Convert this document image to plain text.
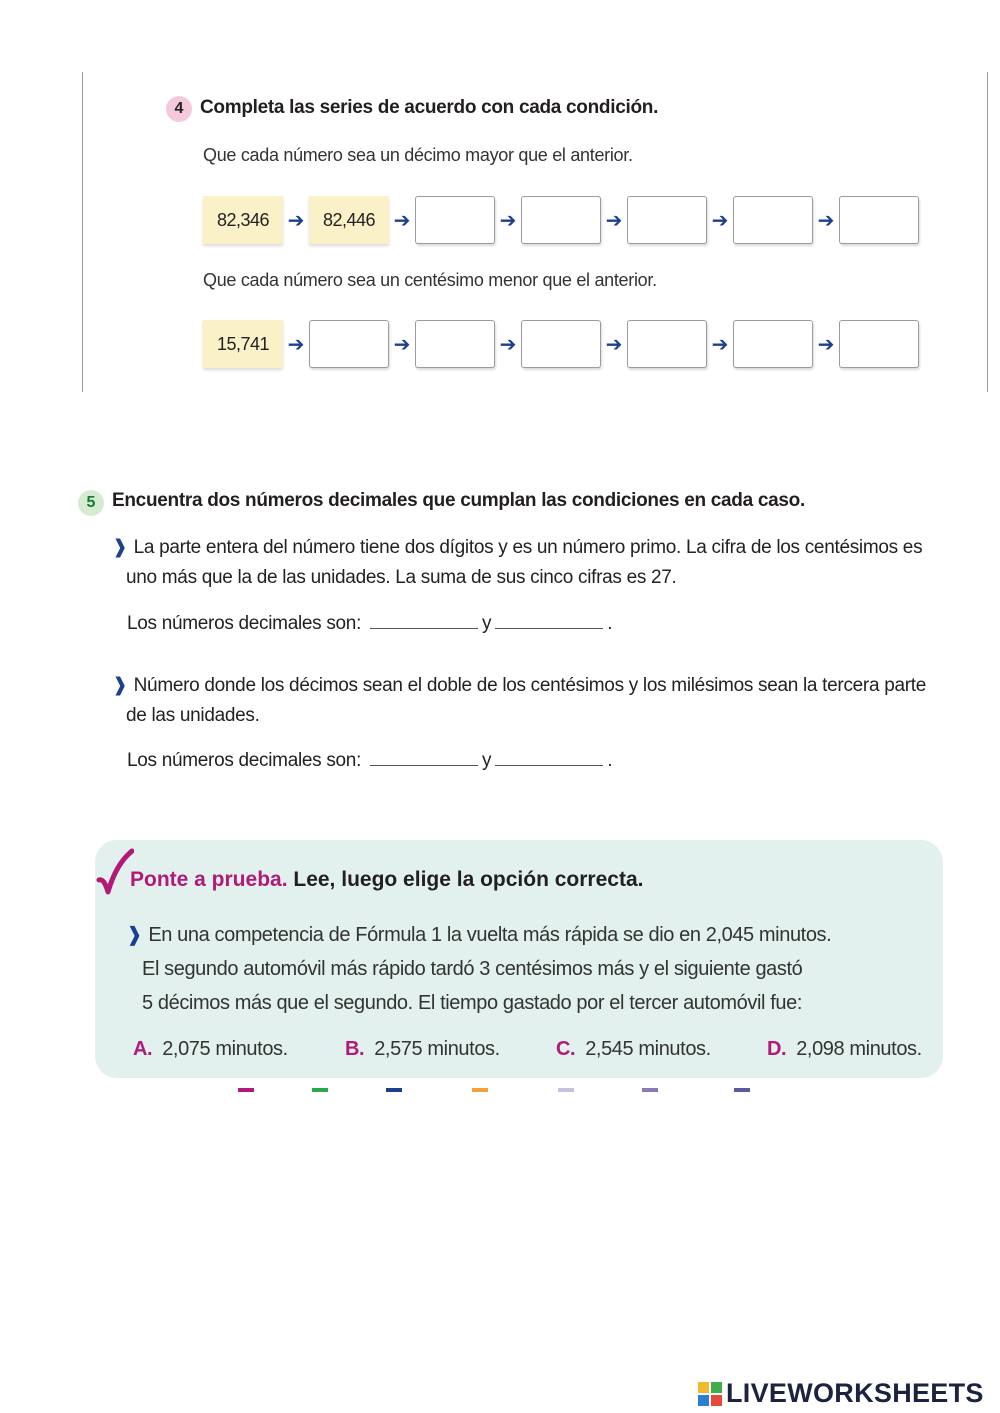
4 Completa las series de acuerdo con cada condición.
Que cada número sea un décimo mayor que el anterior.
82,346 ➔	82,446 ➔	➔	➔	➔	➔
Que cada número sea un centésimo menor que el anterior.
15,741 ➔	➔	➔	➔	➔	➔
5 Encuentra dos números decimales que cumplan las condiciones en cada caso.
❱ La parte entera del número tiene dos dígitos y es un número primo. La cifra de los centésimos es
uno más que la de las unidades. La suma de sus cinco cifras es 27.
Los números decimales son:	y	.
❱ Número donde los décimos sean el doble de los centésimos y los milésimos sean la tercera parte
de las unidades.
Los números decimales son:	y	.
Ponte a prueba. Lee, luego elige la opción correcta.
❱ En una competencia de Fórmula 1 la vuelta más rápida se dio en 2,045 minutos.
El segundo automóvil más rápido tardó 3 centésimos más y el siguiente gastó
5 décimos más que el segundo. El tiempo gastado por el tercer automóvil fue:
A. 2,075 minutos.	B. 2,575 minutos.	C. 2,545 minutos.	D. 2,098 minutos.
LIVEWORKSHEETS
